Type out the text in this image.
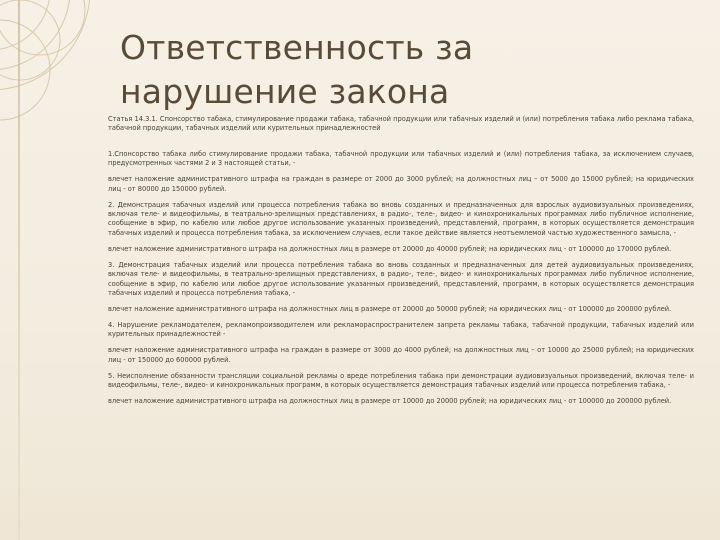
Ответственность за нарушение закона

Статья 14.3.1. Спонсорство табака, стимулирование продажи табака, табачной продукции или табачных изделий и (или) потребления табака либо реклама табака, табачной продукции, табачных изделий или курительных принадлежностей

1.Спонсорство табака либо стимулирование продажи табака, табачной продукции или табачных изделий и (или) потребления табака, за исключением случаев, предусмотренных частями 2 и 3 настоящей статьи, -

влечет наложение административного штрафа на граждан в размере от 2000 до 3000 рублей; на должностных лиц – от 5000 до 15000 рублей; на юридических лиц - от 80000 до 150000 рублей.

2. Демонстрация табачных изделий или процесса потребления табака во вновь созданных и предназначенных для взрослых аудиовизуальных произведениях, включая теле- и видеофильмы, в театрально-зрелищных представлениях, в радио-, теле-, видео- и кинохроникальных программах либо публичное исполнение, сообщение в эфир, по кабелю или любое другое использование указанных произведений, представлений, программ, в которых осуществляется демонстрация табачных изделий и процесса потребления табака, за исключением случаев, если такое действие является неотъемлемой частью художественного замысла, -

влечет наложение административного штрафа на должностных лиц в размере от 20000 до 40000 рублей; на юридических лиц - от 100000 до 170000 рублей.

3. Демонстрация табачных изделий или процесса потребления табака во вновь созданных и предназначенных для детей аудиовизуальных произведениях, включая теле- и видеофильмы, в театрально-зрелищных представлениях, в радио-, теле-, видео- и кинохроникальных программах либо публичное исполнение, сообщение в эфир, по кабелю или любое другое использование указанных произведений, представлений, программ, в которых осуществляется демонстрация табачных изделий и процесса потребления табака, -

влечет наложение административного штрафа на должностных лиц в размере от 20000 до 50000 рублей; на юридических лиц - от 100000 до 200000 рублей.

4. Нарушение рекламодателем, рекламопроизводителем или рекламораспространителем запрета рекламы табака, табачной продукции, табачных изделий или курительных принадлежностей -

влечет наложение административного штрафа на граждан в размере от 3000 до 4000 рублей; на должностных лиц – от 10000 до 25000 рублей; на юридических лиц - от 150000 до 600000 рублей.

5. Неисполнение обязанности трансляции социальной рекламы о вреде потребления табака при демонстрации аудиовизуальных произведений, включая теле- и видеофильмы, теле-, видео- и кинохроникальных программ, в которых осуществляется демонстрация табачных изделий или процесса потребления табака, -

влечет наложение административного штрафа на должностных лиц в размере от 10000 до 20000 рублей; на юридических лиц - от 100000 до 200000 рублей.
